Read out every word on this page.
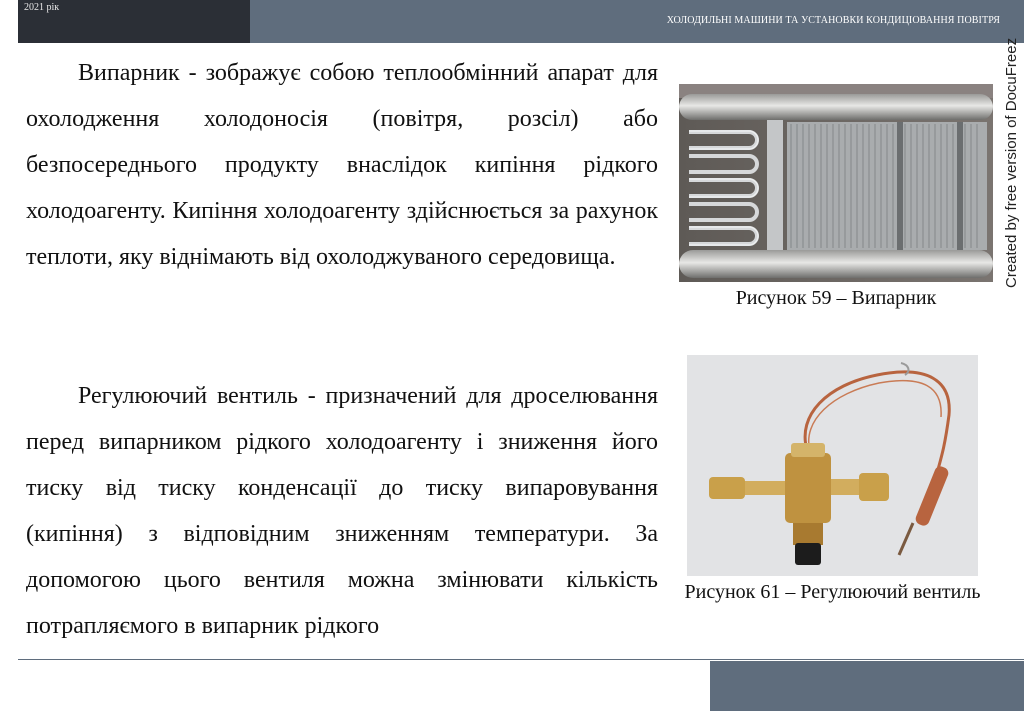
2021 рік
ХОЛОДИЛЬНІ МАШИНИ ТА УСТАНОВКИ КОНДИЦІОВАННЯ ПОВІТРЯ
Created by free version of DocuFreez
Випарник - зображує собою теплообмінний апарат для охолодження холодоносія (повітря, розсіл) або безпосереднього продукту внаслідок кипіння рідкого холодоагенту. Кипіння холодоагенту здійснюється за рахунок теплоти, яку віднімають від охолоджуваного середовища.
Регулюючий вентиль - призначений для дроселювання перед випарником рідкого холодоагенту і зниження його тиску від тиску конденсації до тиску випаровування (кипіння) з відповідним зниженням температури. За допомогою цього вентиля можна змінювати кількість потрапляємого в випарник рідкого
Рисунок 59 – Випарник
Рисунок 61 – Регулюючий вентиль
